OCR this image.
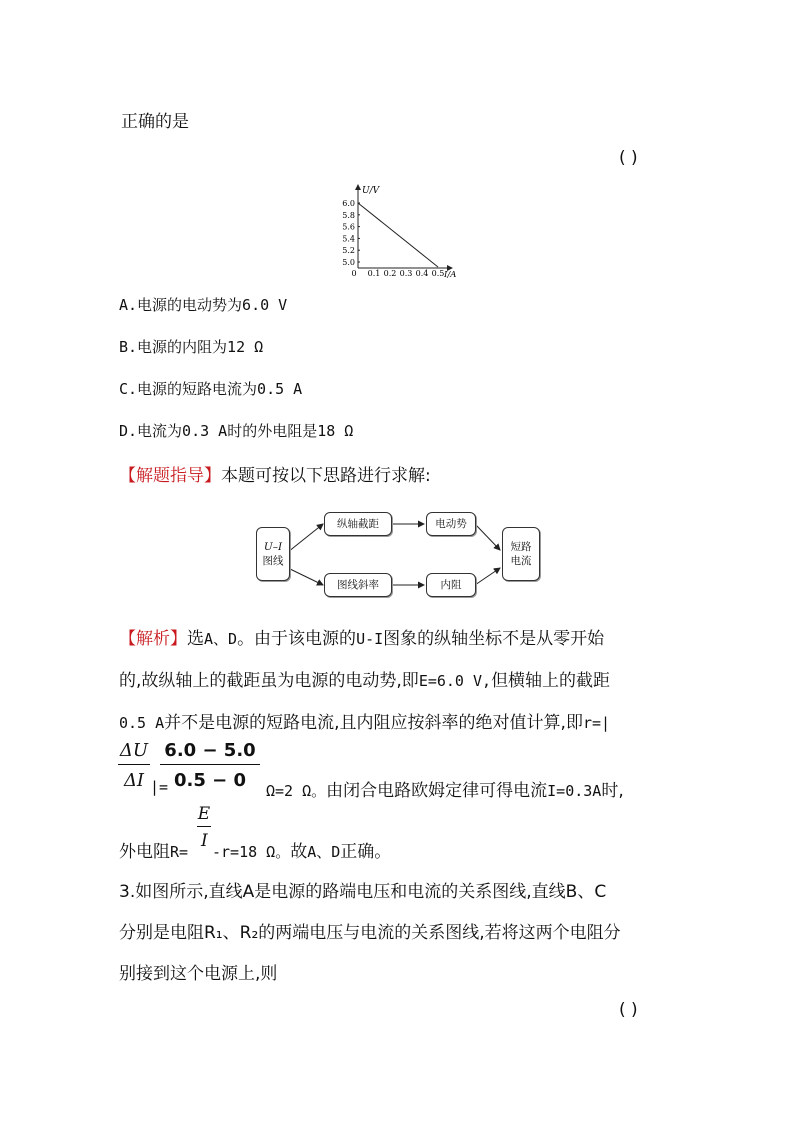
正确的是
( )
6.0
5.8
5.6
5.4
5.2
5.0
0 0.1 0.2 0.3 0.4 0.5
U/V
I/A
A.电源的电动势为6.0 V
B.电源的内阻为12 Ω
C.电源的短路电流为0.5 A
D.电流为0.3 A时的外电阻是18 Ω
【解题指导】本题可按以下思路进行求解:
U–I
图线
纵轴截距	电动势
图线斜率	内阻
短路
电流
【解析】选A、D。由于该电源的U-I图象的纵轴坐标不是从零开始
的,故纵轴上的截距虽为电源的电动势,即E=6.0 V,但横轴上的截距
0.5 A并不是电源的短路电流,且内阻应按斜率的绝对值计算,即r=|
ΔU
ΔI |=
6.0 − 5.0
0.5 − 0	Ω=2 Ω。由闭合电路欧姆定律可得电流I=0.3A时,
E
I
外电阻R= -r=18 Ω。故A、D正确。
3.如图所示,直线A是电源的路端电压和电流的关系图线,直线B、C
分别是电阻R₁、R₂的两端电压与电流的关系图线,若将这两个电阻分
别接到这个电源上,则
( )
